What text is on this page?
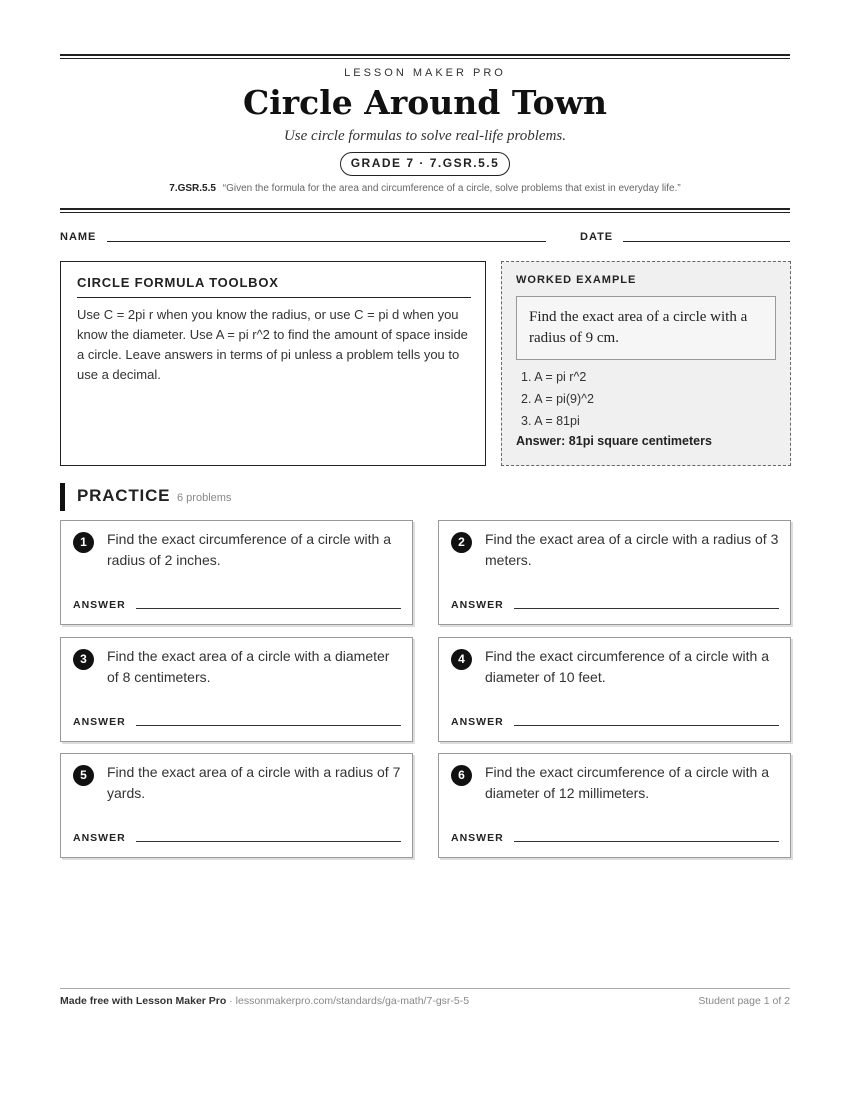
LESSON MAKER PRO
Circle Around Town
Use circle formulas to solve real-life problems.
GRADE 7 · 7.GSR.5.5
7.GSR.5.5 “Given the formula for the area and circumference of a circle, solve problems that exist in everyday life.”
NAME	DATE
CIRCLE FORMULA TOOLBOX
Use C = 2pi r when you know the radius, or use C = pi d when you know the diameter. Use A = pi r^2 to find the amount of space inside a circle. Leave answers in terms of pi unless a problem tells you to use a decimal.
WORKED EXAMPLE
Find the exact area of a circle with a radius of 9 cm.
1. A = pi r^2
2. A = pi(9)^2
3. A = 81pi
Answer: 81pi square centimeters
PRACTICE 6 problems
1	Find the exact circumference of a circle with a radius of 2 inches.
ANSWER
2	Find the exact area of a circle with a radius of 3 meters.
ANSWER
3	Find the exact area of a circle with a diameter of 8 centimeters.
ANSWER
4	Find the exact circumference of a circle with a diameter of 10 feet.
ANSWER
5	Find the exact area of a circle with a radius of 7 yards.
ANSWER
6	Find the exact circumference of a circle with a diameter of 12 millimeters.
ANSWER
Made free with Lesson Maker Pro · lessonmakerpro.com/standards/ga-math/7-gsr-5-5	Student page 1 of 2
